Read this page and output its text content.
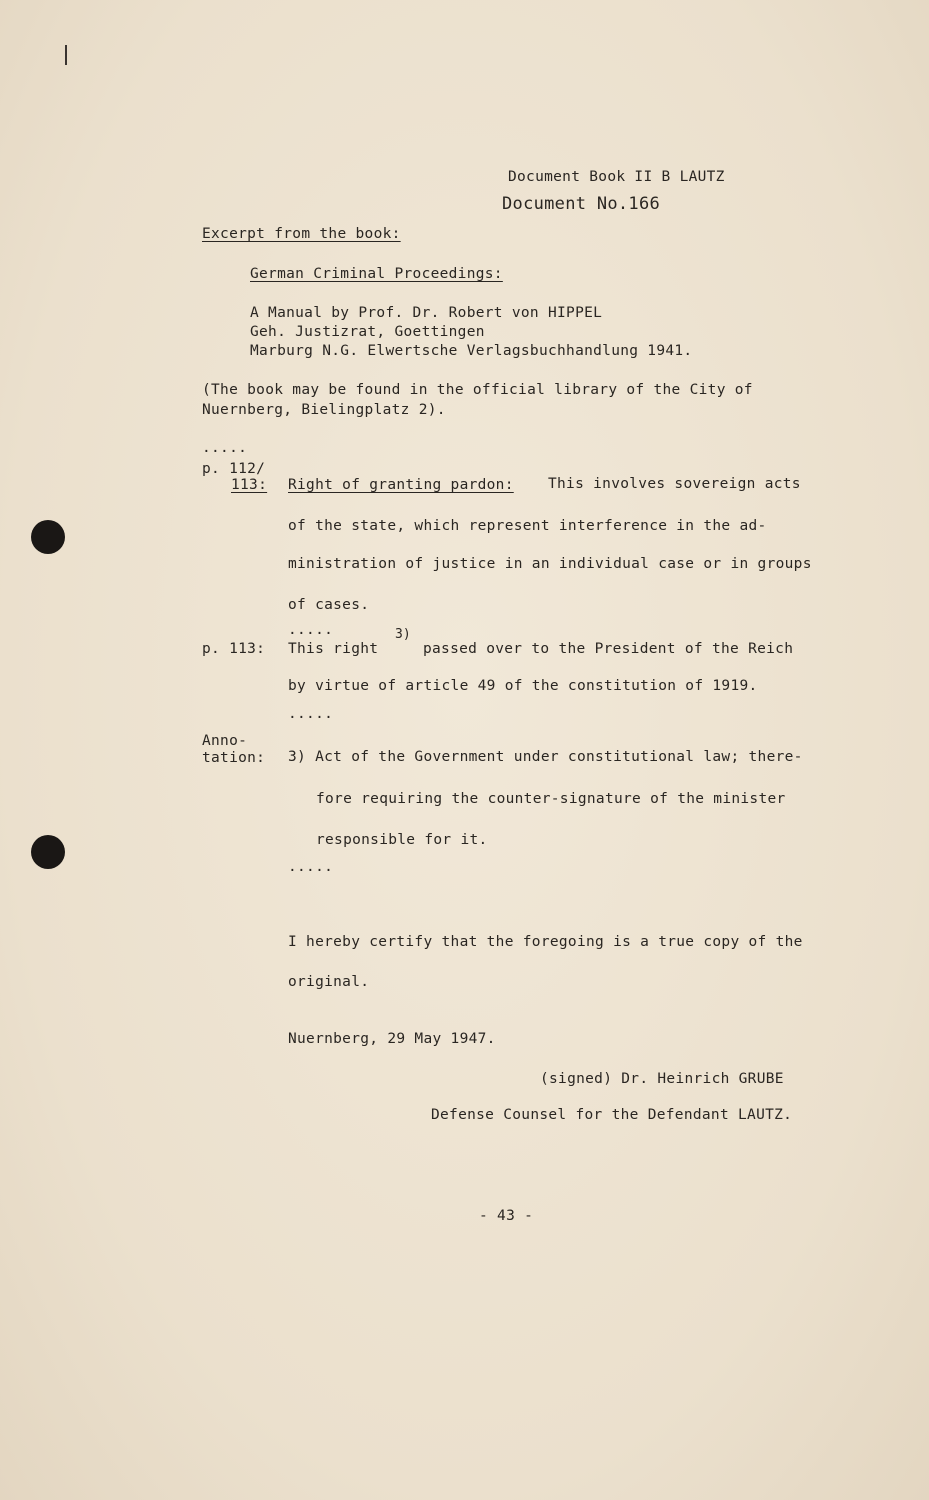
Document Book II B LAUTZ
Document No.166
Excerpt from the book:
German Criminal Proceedings:
A Manual by Prof. Dr. Robert von HIPPEL
Geh. Justizrat, Goettingen
Marburg N.G. Elwertsche Verlagsbuchhandlung 1941.
(The book may be found in the official library of the City of
Nuernberg, Bielingplatz 2).
.....
p. 112/
113: Right of granting pardon: This involves sovereign acts
of the state, which represent interference in the ad-
ministration of justice in an individual case or in groups
of cases.
.....
p. 113: This right
3)
passed over to the President of the Reich
by virtue of article 49 of the constitution of 1919.
.....
Anno-
tation: 3) Act of the Government under constitutional law; there-
fore requiring the counter-signature of the minister
responsible for it.
.....
I hereby certify that the foregoing is a true copy of the
original.
Nuernberg, 29 May 1947.
(signed) Dr. Heinrich GRUBE
Defense Counsel for the Defendant LAUTZ.
- 43 -
